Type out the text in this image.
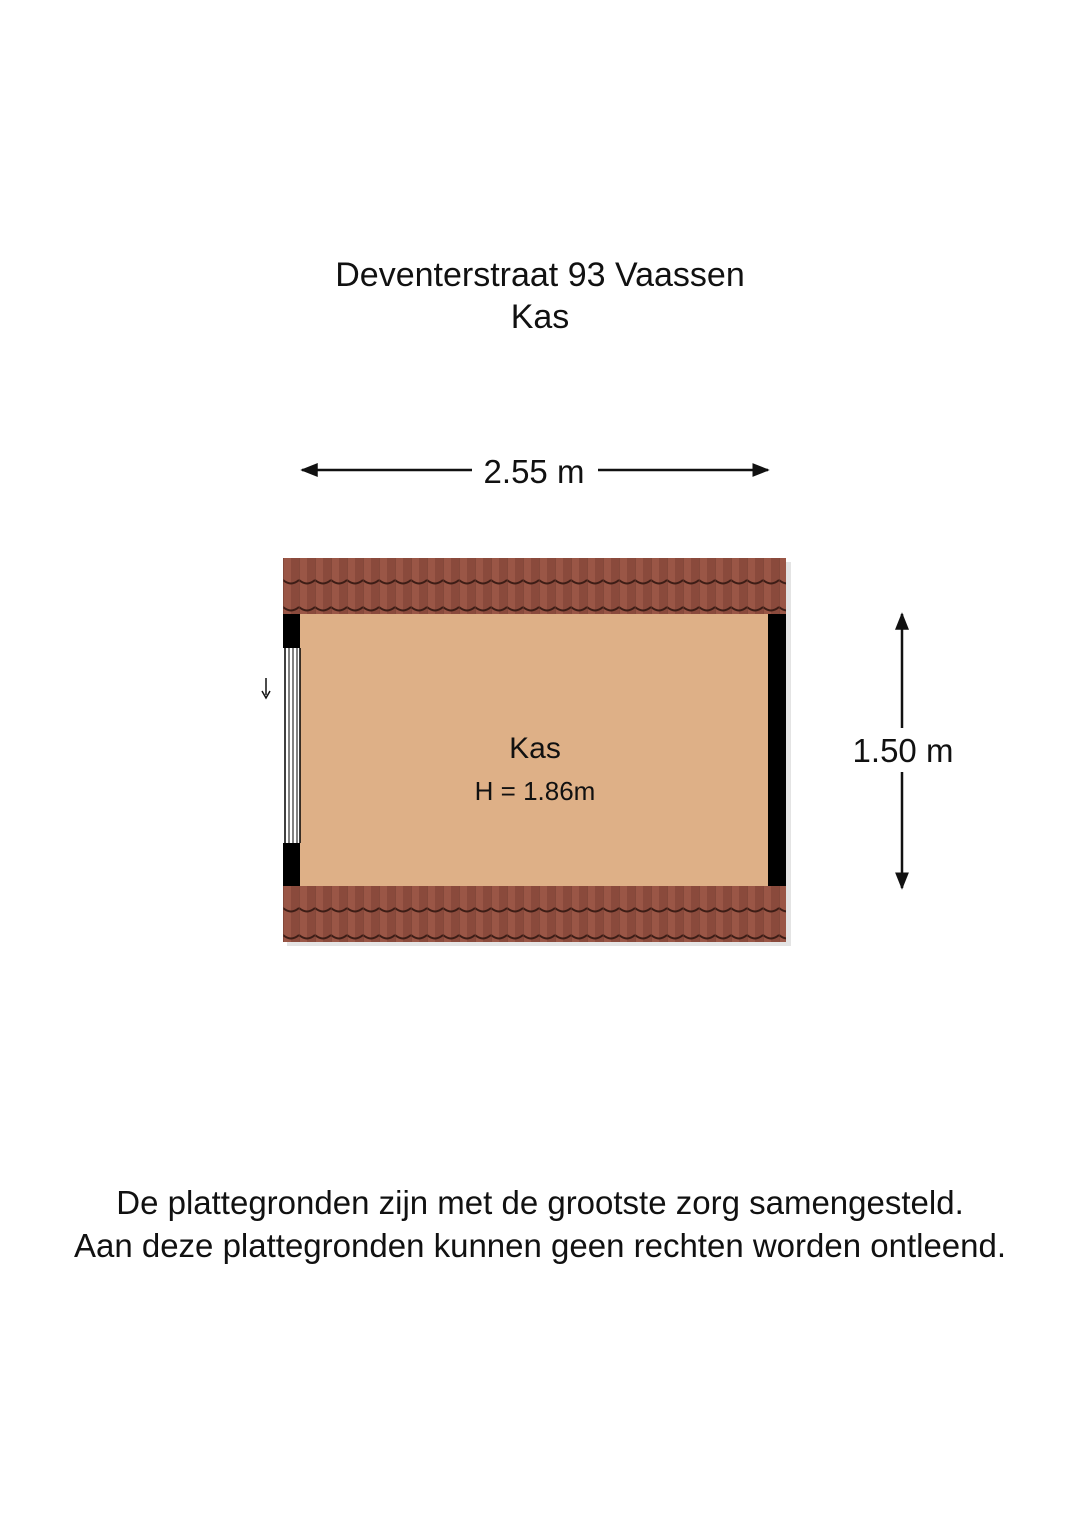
Deventerstraat 93 Vaassen
Kas
2.55 m
1.50 m
Kas
H = 1.86m

De plattegronden zijn met de grootste zorg samengesteld.

Aan deze plattegronden kunnen geen rechten worden ontleend.
